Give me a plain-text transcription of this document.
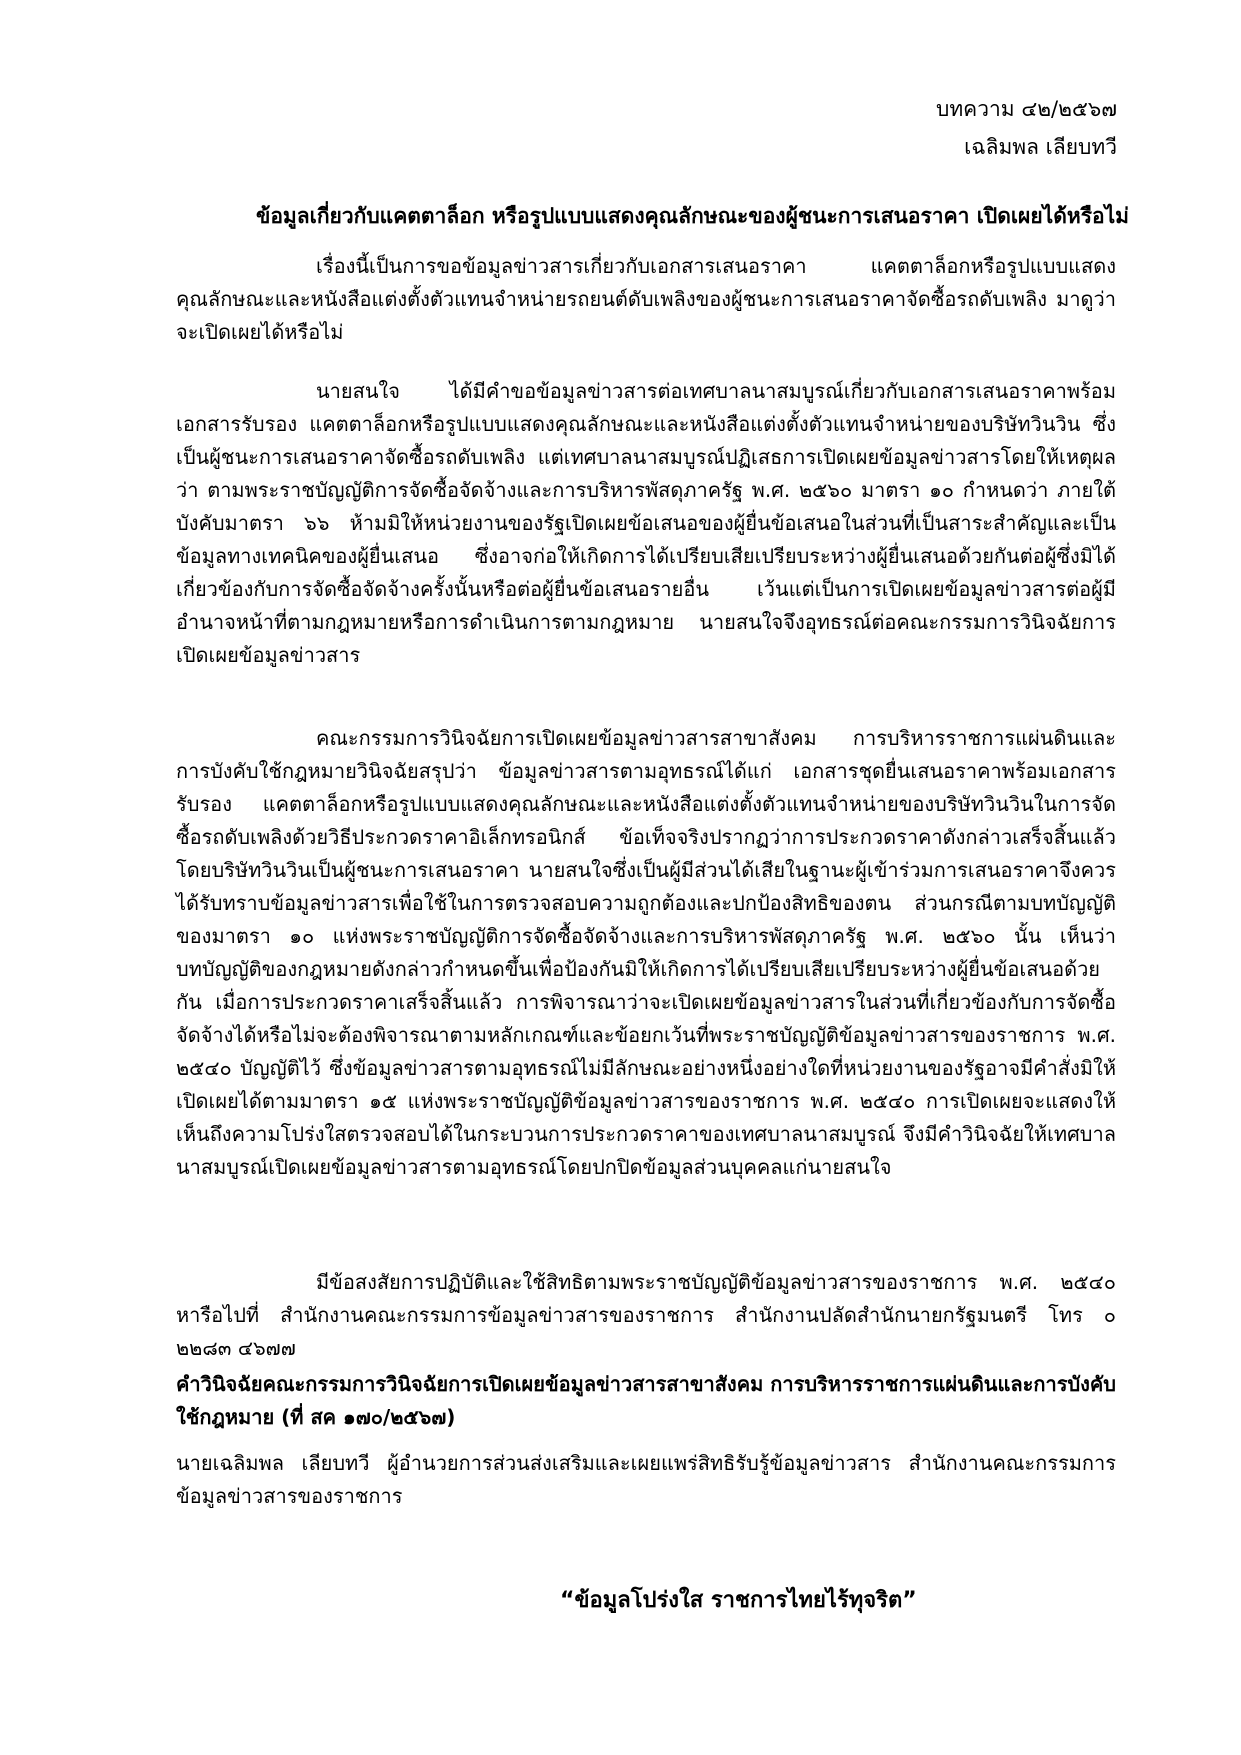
บทความ ๔๒/๒๕๖๗
เฉลิมพล เลียบทวี
ข้อมูลเกี่ยวกับแคตตาล็อก หรือรูปแบบแสดงคุณลักษณะของผู้ชนะการเสนอราคา เปิดเผยได้หรือไม่

เรื่องนี้เป็นการขอข้อมูลข่าวสารเกี่ยวกับเอกสารเสนอราคา แคตตาล็อกหรือรูปแบบแสดงคุณลักษณะและหนังสือแต่งตั้งตัวแทนจำหน่ายรถยนต์ดับเพลิงของผู้ชนะการเสนอราคาจัดซื้อรถดับเพลิง มาดูว่าจะเปิดเผยได้หรือไม่

นายสนใจ ได้มีคำขอข้อมูลข่าวสารต่อเทศบาลนาสมบูรณ์เกี่ยวกับเอกสารเสนอราคาพร้อมเอกสารรับรอง แคตตาล็อกหรือรูปแบบแสดงคุณลักษณะและหนังสือแต่งตั้งตัวแทนจำหน่ายของบริษัทวินวิน ซึ่งเป็นผู้ชนะการเสนอราคาจัดซื้อรถดับเพลิง แต่เทศบาลนาสมบูรณ์ปฏิเสธการเปิดเผยข้อมูลข่าวสารโดยให้เหตุผลว่า ตามพระราชบัญญัติการจัดซื้อจัดจ้างและการบริหารพัสดุภาครัฐ พ.ศ. ๒๕๖๐ มาตรา ๑๐ กำหนดว่า ภายใต้บังคับมาตรา ๖๖ ห้ามมิให้หน่วยงานของรัฐเปิดเผยข้อเสนอของผู้ยื่นข้อเสนอในส่วนที่เป็นสาระสำคัญและเป็นข้อมูลทางเทคนิคของผู้ยื่นเสนอ ซึ่งอาจก่อให้เกิดการได้เปรียบเสียเปรียบระหว่างผู้ยื่นเสนอด้วยกันต่อผู้ซึ่งมิได้เกี่ยวข้องกับการจัดซื้อจัดจ้างครั้งนั้นหรือต่อผู้ยื่นข้อเสนอรายอื่น เว้นแต่เป็นการเปิดเผยข้อมูลข่าวสารต่อผู้มีอำนาจหน้าที่ตามกฎหมายหรือการดำเนินการตามกฎหมาย นายสนใจจึงอุทธรณ์ต่อคณะกรรมการวินิจฉัยการเปิดเผยข้อมูลข่าวสาร

คณะกรรมการวินิจฉัยการเปิดเผยข้อมูลข่าวสารสาขาสังคม การบริหารราชการแผ่นดินและการบังคับใช้กฎหมายวินิจฉัยสรุปว่า ข้อมูลข่าวสารตามอุทธรณ์ได้แก่ เอกสารชุดยื่นเสนอราคาพร้อมเอกสารรับรอง แคตตาล็อกหรือรูปแบบแสดงคุณลักษณะและหนังสือแต่งตั้งตัวแทนจำหน่ายของบริษัทวินวินในการจัดซื้อรถดับเพลิงด้วยวิธีประกวดราคาอิเล็กทรอนิกส์ ข้อเท็จจริงปรากฏว่าการประกวดราคาดังกล่าวเสร็จสิ้นแล้ว โดยบริษัทวินวินเป็นผู้ชนะการเสนอราคา นายสนใจซึ่งเป็นผู้มีส่วนได้เสียในฐานะผู้เข้าร่วมการเสนอราคาจึงควรได้รับทราบข้อมูลข่าวสารเพื่อใช้ในการตรวจสอบความถูกต้องและปกป้องสิทธิของตน ส่วนกรณีตามบทบัญญัติของมาตรา ๑๐ แห่งพระราชบัญญัติการจัดซื้อจัดจ้างและการบริหารพัสดุภาครัฐ พ.ศ. ๒๕๖๐ นั้น เห็นว่าบทบัญญัติของกฎหมายดังกล่าวกำหนดขึ้นเพื่อป้องกันมิให้เกิดการได้เปรียบเสียเปรียบระหว่างผู้ยื่นข้อเสนอด้วยกัน เมื่อการประกวดราคาเสร็จสิ้นแล้ว การพิจารณาว่าจะเปิดเผยข้อมูลข่าวสารในส่วนที่เกี่ยวข้องกับการจัดซื้อจัดจ้างได้หรือไม่จะต้องพิจารณาตามหลักเกณฑ์และข้อยกเว้นที่พระราชบัญญัติข้อมูลข่าวสารของราชการ พ.ศ. ๒๕๔๐ บัญญัติไว้ ซึ่งข้อมูลข่าวสารตามอุทธรณ์ไม่มีลักษณะอย่างหนึ่งอย่างใดที่หน่วยงานของรัฐอาจมีคำสั่งมิให้เปิดเผยได้ตามมาตรา ๑๕ แห่งพระราชบัญญัติข้อมูลข่าวสารของราชการ พ.ศ. ๒๕๔๐ การเปิดเผยจะแสดงให้เห็นถึงความโปร่งใสตรวจสอบได้ในกระบวนการประกวดราคาของเทศบาลนาสมบูรณ์ จึงมีคำวินิจฉัยให้เทศบาลนาสมบูรณ์เปิดเผยข้อมูลข่าวสารตามอุทธรณ์โดยปกปิดข้อมูลส่วนบุคคลแก่นายสนใจ

มีข้อสงสัยการปฏิบัติและใช้สิทธิตามพระราชบัญญัติข้อมูลข่าวสารของราชการ พ.ศ. ๒๕๔๐ หารือไปที่ สำนักงานคณะกรรมการข้อมูลข่าวสารของราชการ สำนักงานปลัดสำนักนายกรัฐมนตรี โทร ๐ ๒๒๘๓ ๔๖๗๗

คำวินิจฉัยคณะกรรมการวินิจฉัยการเปิดเผยข้อมูลข่าวสารสาขาสังคม การบริหารราชการแผ่นดินและการบังคับใช้กฎหมาย (ที่ สค ๑๗๐/๒๕๖๗)
นายเฉลิมพล เลียบทวี ผู้อำนวยการส่วนส่งเสริมและเผยแพร่สิทธิรับรู้ข้อมูลข่าวสาร สำนักงานคณะกรรมการข้อมูลข่าวสารของราชการ
“ข้อมูลโปร่งใส ราชการไทยไร้ทุจริต”
